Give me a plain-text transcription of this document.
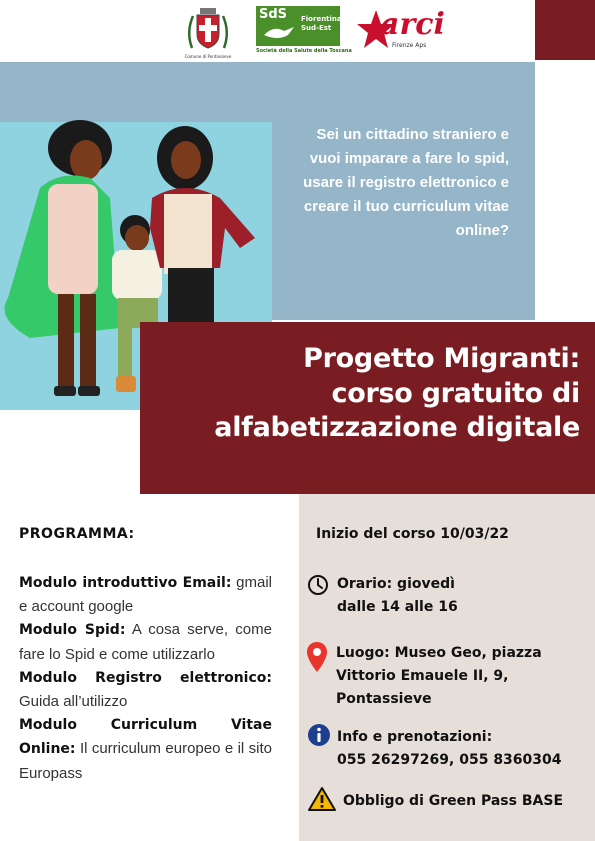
Comune di Pontassieve
SdS Fiorentina
Sud-Est
Società della Salute della Toscana
arci
Firenze Aps
Sei un cittadino straniero e vuoi imparare a fare lo spid, usare il registro elettronico e creare il tuo curriculum vitae online?
Progetto Migranti:
corso gratuito di
alfabetizzazione digitale
PROGRAMMA:

Modulo introduttivo Email: gmail e account google

Modulo Spid: A cosa serve, come fare lo Spid e come utilizzarlo

Modulo Registro elettronico: Guida all’utilizzo

Modulo Curriculum Vitae Online: Il curriculum europeo e il sito Europass

Inizio del corso 10/03/22
Orario: giovedì
dalle 14 alle 16
Luogo: Museo Geo, piazza
Vittorio Emauele II, 9,
Pontassieve
Info e prenotazioni:
055 26297269, 055 8360304
Obbligo di Green Pass BASE
